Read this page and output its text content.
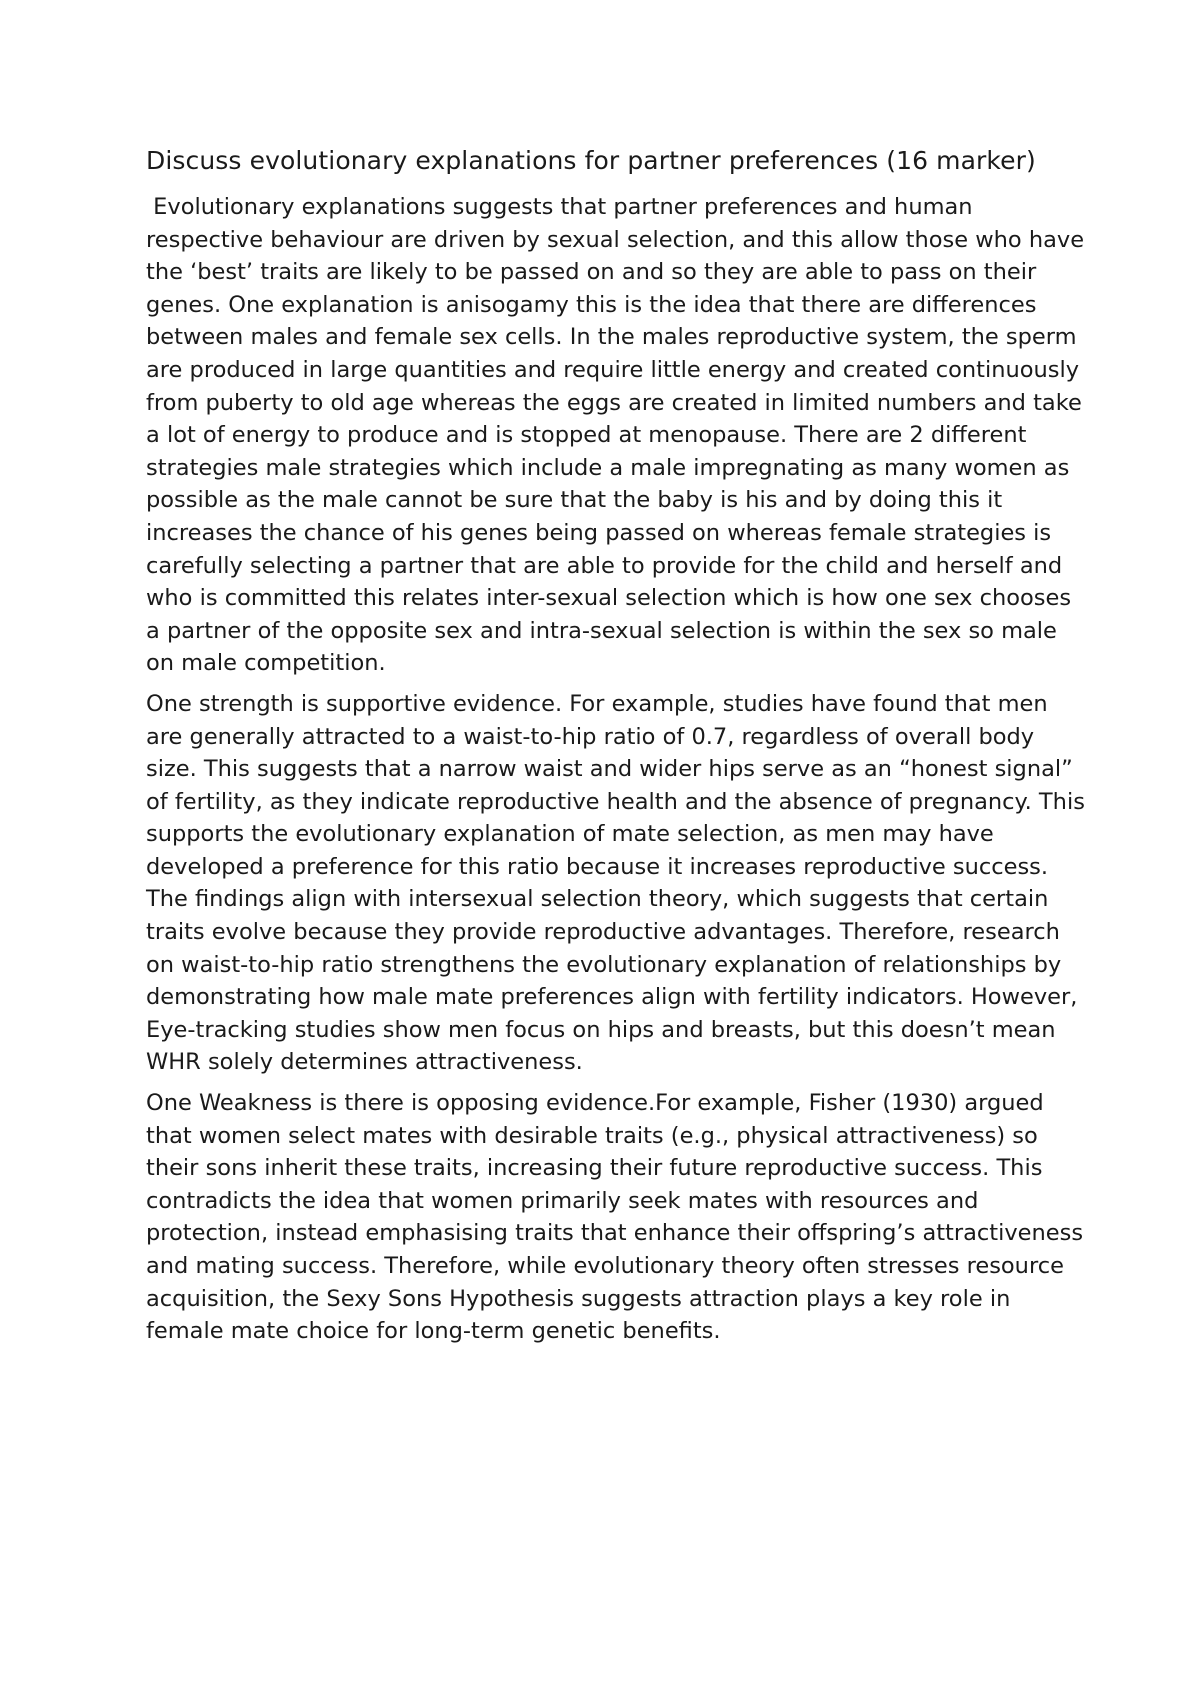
Discuss evolutionary explanations for partner preferences (16 marker)

Evolutionary explanations suggests that partner preferences and human respective behaviour are driven by sexual selection, and this allow those who have the ‘best’ traits are likely to be passed on and so they are able to pass on their genes. One explanation is anisogamy this is the idea that there are differences between males and female sex cells. In the males reproductive system, the sperm are produced in large quantities and require little energy and created continuously from puberty to old age whereas the eggs are created in limited numbers and take a lot of energy to produce and is stopped at menopause. There are 2 different strategies male strategies which include a male impregnating as many women as possible as the male cannot be sure that the baby is his and by doing this it increases the chance of his genes being passed on whereas female strategies is carefully selecting a partner that are able to provide for the child and herself and who is committed this relates inter-sexual selection which is how one sex chooses a partner of the opposite sex and intra-sexual selection is within the sex so male on male competition.

One strength is supportive evidence. For example, studies have found that men are generally attracted to a waist-to-hip ratio of 0.7, regardless of overall body size. This suggests that a narrow waist and wider hips serve as an “honest signal” of fertility, as they indicate reproductive health and the absence of pregnancy. This supports the evolutionary explanation of mate selection, as men may have developed a preference for this ratio because it increases reproductive success. The findings align with intersexual selection theory, which suggests that certain traits evolve because they provide reproductive advantages. Therefore, research on waist-to-hip ratio strengthens the evolutionary explanation of relationships by demonstrating how male mate preferences align with fertility indicators. However, Eye-tracking studies show men focus on hips and breasts, but this doesn’t mean WHR solely determines attractiveness.

One Weakness is there is opposing evidence.For example, Fisher (1930) argued that women select mates with desirable traits (e.g., physical attractiveness) so their sons inherit these traits, increasing their future reproductive success. This contradicts the idea that women primarily seek mates with resources and protection, instead emphasising traits that enhance their offspring’s attractiveness and mating success. Therefore, while evolutionary theory often stresses resource acquisition, the Sexy Sons Hypothesis suggests attraction plays a key role in female mate choice for long-term genetic benefits.
